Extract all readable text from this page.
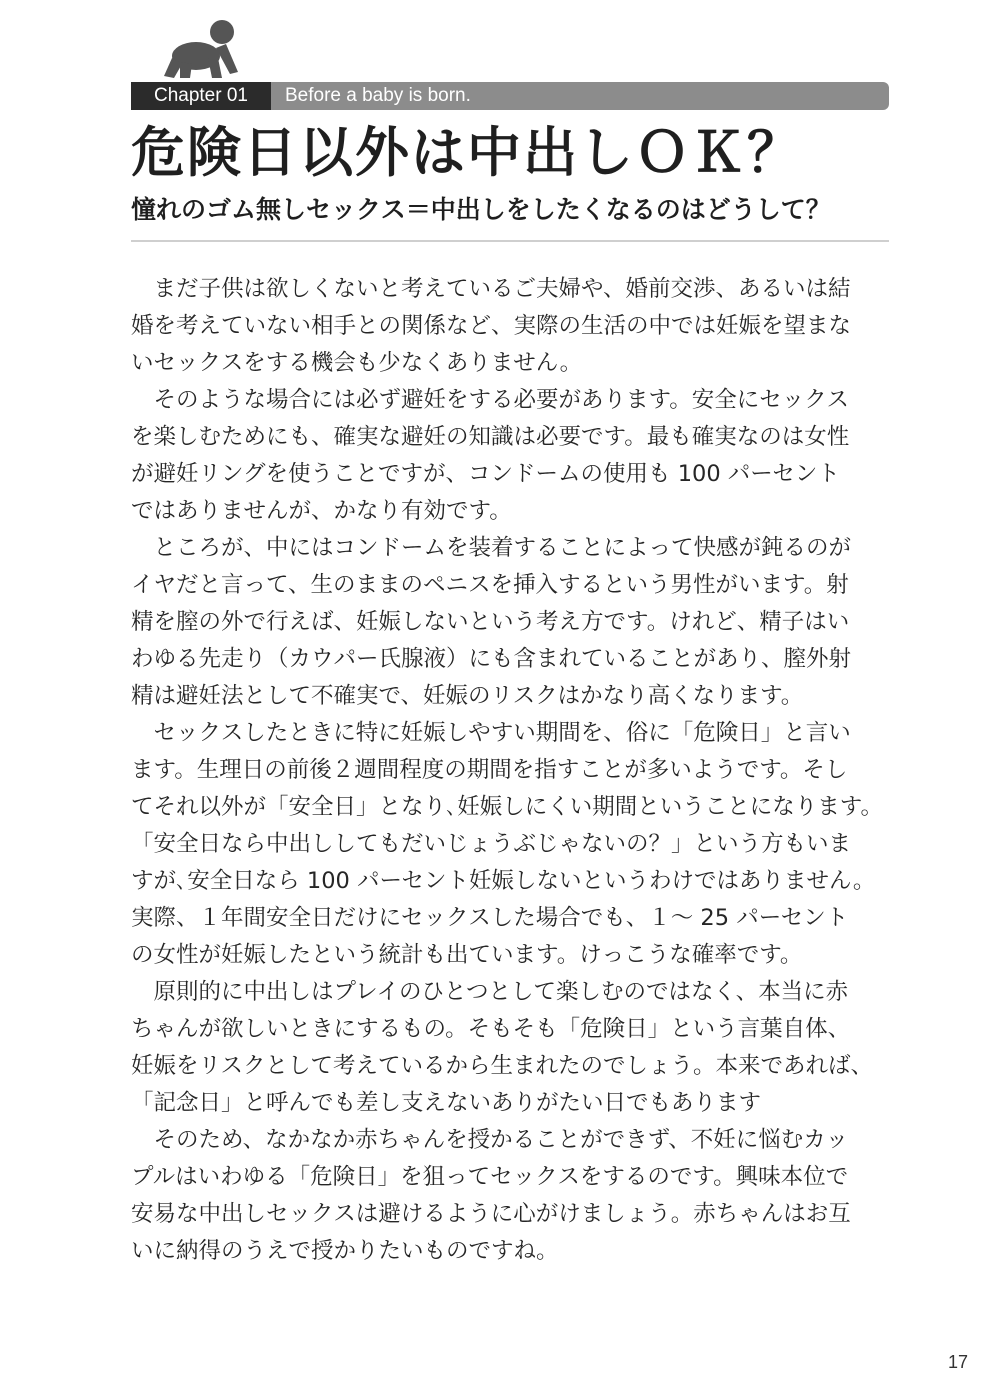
Chapter 01	Before a baby is born.
危険日以外は中出しＯＫ？
憧れのゴム無しセックス＝中出しをしたくなるのはどうして？
　まだ子供は欲しくないと考えているご夫婦や、婚前交渉、あるいは結
婚を考えていない相手との関係など、実際の生活の中では妊娠を望まな
いセックスをする機会も少なくありません。
　そのような場合には必ず避妊をする必要があります。安全にセックス
を楽しむためにも、確実な避妊の知識は必要です。最も確実なのは女性
が避妊リングを使うことですが、コンドームの使用も 100 パーセント
ではありませんが、かなり有効です。
　ところが、中にはコンドームを装着することによって快感が鈍るのが
イヤだと言って、生のままのペニスを挿入するという男性がいます。射
精を膣の外で行えば、妊娠しないという考え方です。けれど、精子はい
わゆる先走り（カウパー氏腺液）にも含まれていることがあり、膣外射
精は避妊法として不確実で、妊娠のリスクはかなり高くなります。
　セックスしたときに特に妊娠しやすい期間を、俗に「危険日」と言い
ます。生理日の前後２週間程度の期間を指すことが多いようです。そし
てそれ以外が「安全日」となり､妊娠しにくい期間ということになります。
「安全日なら中出ししてもだいじょうぶじゃないの？」という方もいま
すが､安全日なら 100 パーセント妊娠しないというわけではありません。
実際、１年間安全日だけにセックスした場合でも、１～ 25 パーセント
の女性が妊娠したという統計も出ています。けっこうな確率です。
　原則的に中出しはプレイのひとつとして楽しむのではなく、本当に赤
ちゃんが欲しいときにするもの。そもそも「危険日」という言葉自体、
妊娠をリスクとして考えているから生まれたのでしょう。本来であれば、
「記念日」と呼んでも差し支えないありがたい日でもあります
　そのため、なかなか赤ちゃんを授かることができず、不妊に悩むカッ
プルはいわゆる「危険日」を狙ってセックスをするのです。興味本位で
安易な中出しセックスは避けるように心がけましょう。赤ちゃんはお互
いに納得のうえで授かりたいものですね。
17
